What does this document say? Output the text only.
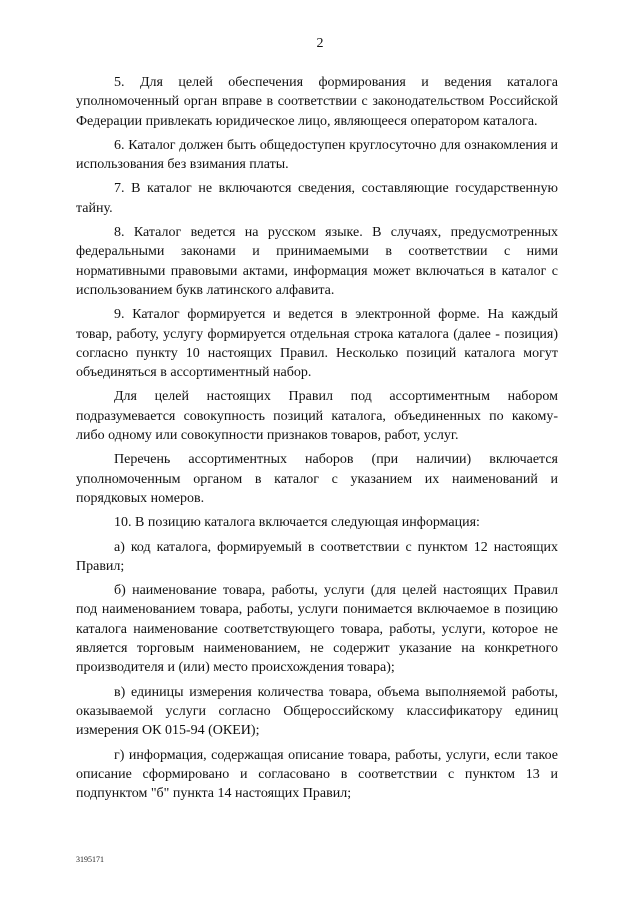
2

5. Для целей обеспечения формирования и ведения каталога уполномоченный орган вправе в соответствии с законодательством Российской Федерации привлекать юридическое лицо, являющееся оператором каталога.

6. Каталог должен быть общедоступен круглосуточно для ознакомления и использования без взимания платы.

7. В каталог не включаются сведения, составляющие государственную тайну.

8. Каталог ведется на русском языке. В случаях, предусмотренных федеральными законами и принимаемыми в соответствии с ними нормативными правовыми актами, информация может включаться в каталог с использованием букв латинского алфавита.

9. Каталог формируется и ведется в электронной форме. На каждый товар, работу, услугу формируется отдельная строка каталога (далее - позиция) согласно пункту 10 настоящих Правил. Несколько позиций каталога могут объединяться в ассортиментный набор.

Для целей настоящих Правил под ассортиментным набором подразумевается совокупность позиций каталога, объединенных по какому-либо одному или совокупности признаков товаров, работ, услуг.

Перечень ассортиментных наборов (при наличии) включается уполномоченным органом в каталог с указанием их наименований и порядковых номеров.

10. В позицию каталога включается следующая информация:

а) код каталога, формируемый в соответствии с пунктом 12 настоящих Правил;

б) наименование товара, работы, услуги (для целей настоящих Правил под наименованием товара, работы, услуги понимается включаемое в позицию каталога наименование соответствующего товара, работы, услуги, которое не является торговым наименованием, не содержит указание на конкретного производителя и (или) место происхождения товара);

в) единицы измерения количества товара, объема выполняемой работы, оказываемой услуги согласно Общероссийскому классификатору единиц измерения ОК 015-94 (ОКЕИ);

г) информация, содержащая описание товара, работы, услуги, если такое описание сформировано и согласовано в соответствии с пунктом 13 и подпунктом "б" пункта 14 настоящих Правил;

3195171
